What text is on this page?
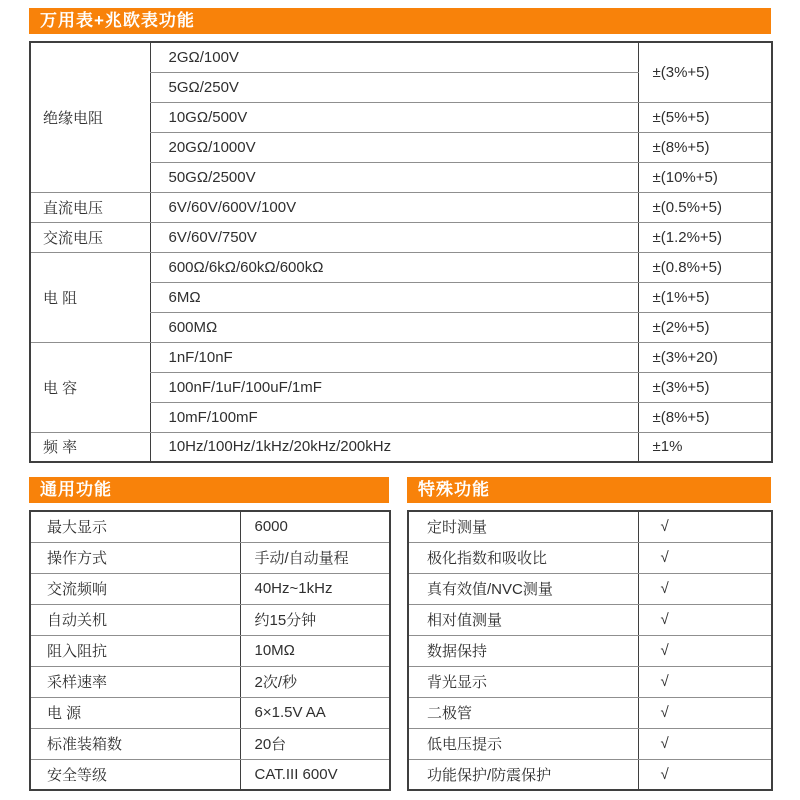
万用表+兆欧表功能
绝缘电阻	2GΩ/100V	±(3%+5)
	5GΩ/250V	
	10GΩ/500V	±(5%+5)
	20GΩ/1000V	±(8%+5)
	50GΩ/2500V	±(10%+5)
直流电压	6V/60V/600V/100V	±(0.5%+5)
交流电压	6V/60V/750V	±(1.2%+5)
电 阻	600Ω/6kΩ/60kΩ/600kΩ	±(0.8%+5)
	6MΩ	±(1%+5)
	600MΩ	±(2%+5)
电 容	1nF/10nF	±(3%+20)
	100nF/1uF/100uF/1mF	±(3%+5)
	10mF/100mF	±(8%+5)
频 率	10Hz/100Hz/1kHz/20kHz/200kHz	±1%
通用功能
最大显示	6000
操作方式	手动/自动量程
交流频响	40Hz~1kHz
自动关机	约15分钟
阻入阻抗	10MΩ
采样速率	2次/秒
电 源	6×1.5V AA
标准装箱数	20台
安全等级	CAT.III 600V
特殊功能
定时测量	√
极化指数和吸收比	√
真有效值/NVC测量	√
相对值测量	√
数据保持	√
背光显示	√
二极管	√
低电压提示	√
功能保护/防震保护	√
